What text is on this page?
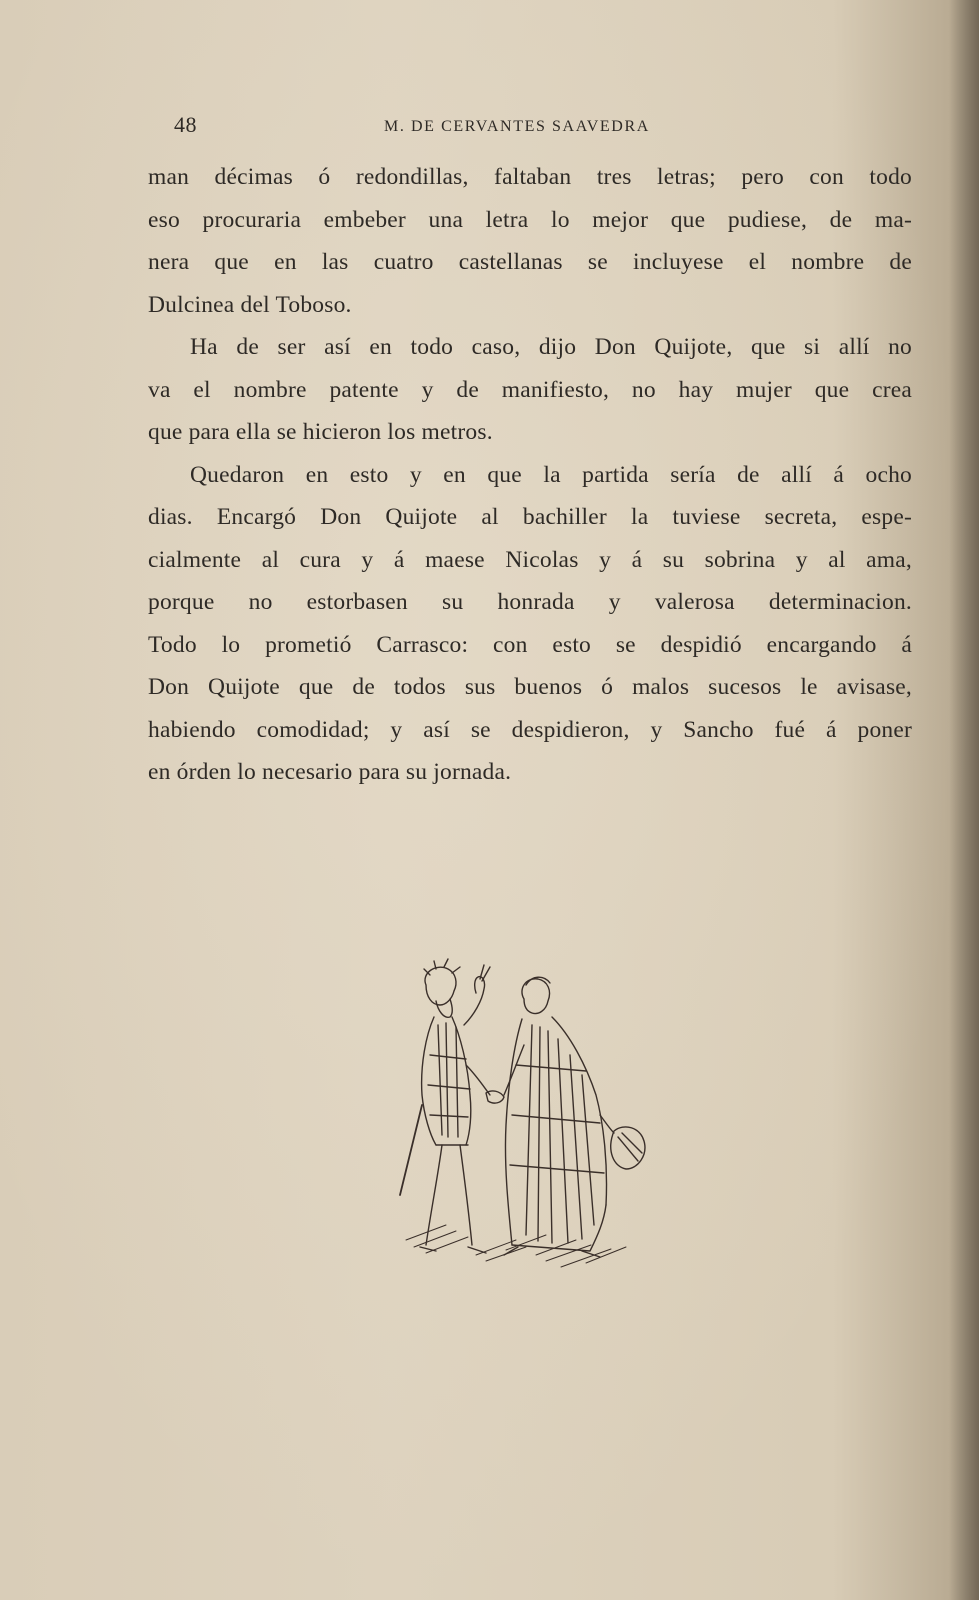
48	M. DE CERVANTES SAAVEDRA
man décimas ó redondillas, faltaban tres letras; pero con todo
eso procuraria embeber una letra lo mejor que pudiese, de ma-
nera que en las cuatro castellanas se incluyese el nombre de
Dulcinea del Toboso.
Ha de ser así en todo caso, dijo Don Quijote, que si allí no
va el nombre patente y de manifiesto, no hay mujer que crea
que para ella se hicieron los metros.
Quedaron en esto y en que la partida sería de allí á ocho
dias. Encargó Don Quijote al bachiller la tuviese secreta, espe-
cialmente al cura y á maese Nicolas y á su sobrina y al ama,
porque no estorbasen su honrada y valerosa determinacion.
Todo lo prometió Carrasco: con esto se despidió encargando á
Don Quijote que de todos sus buenos ó malos sucesos le avisase,
habiendo comodidad; y así se despidieron, y Sancho fué á poner
en órden lo necesario para su jornada.
